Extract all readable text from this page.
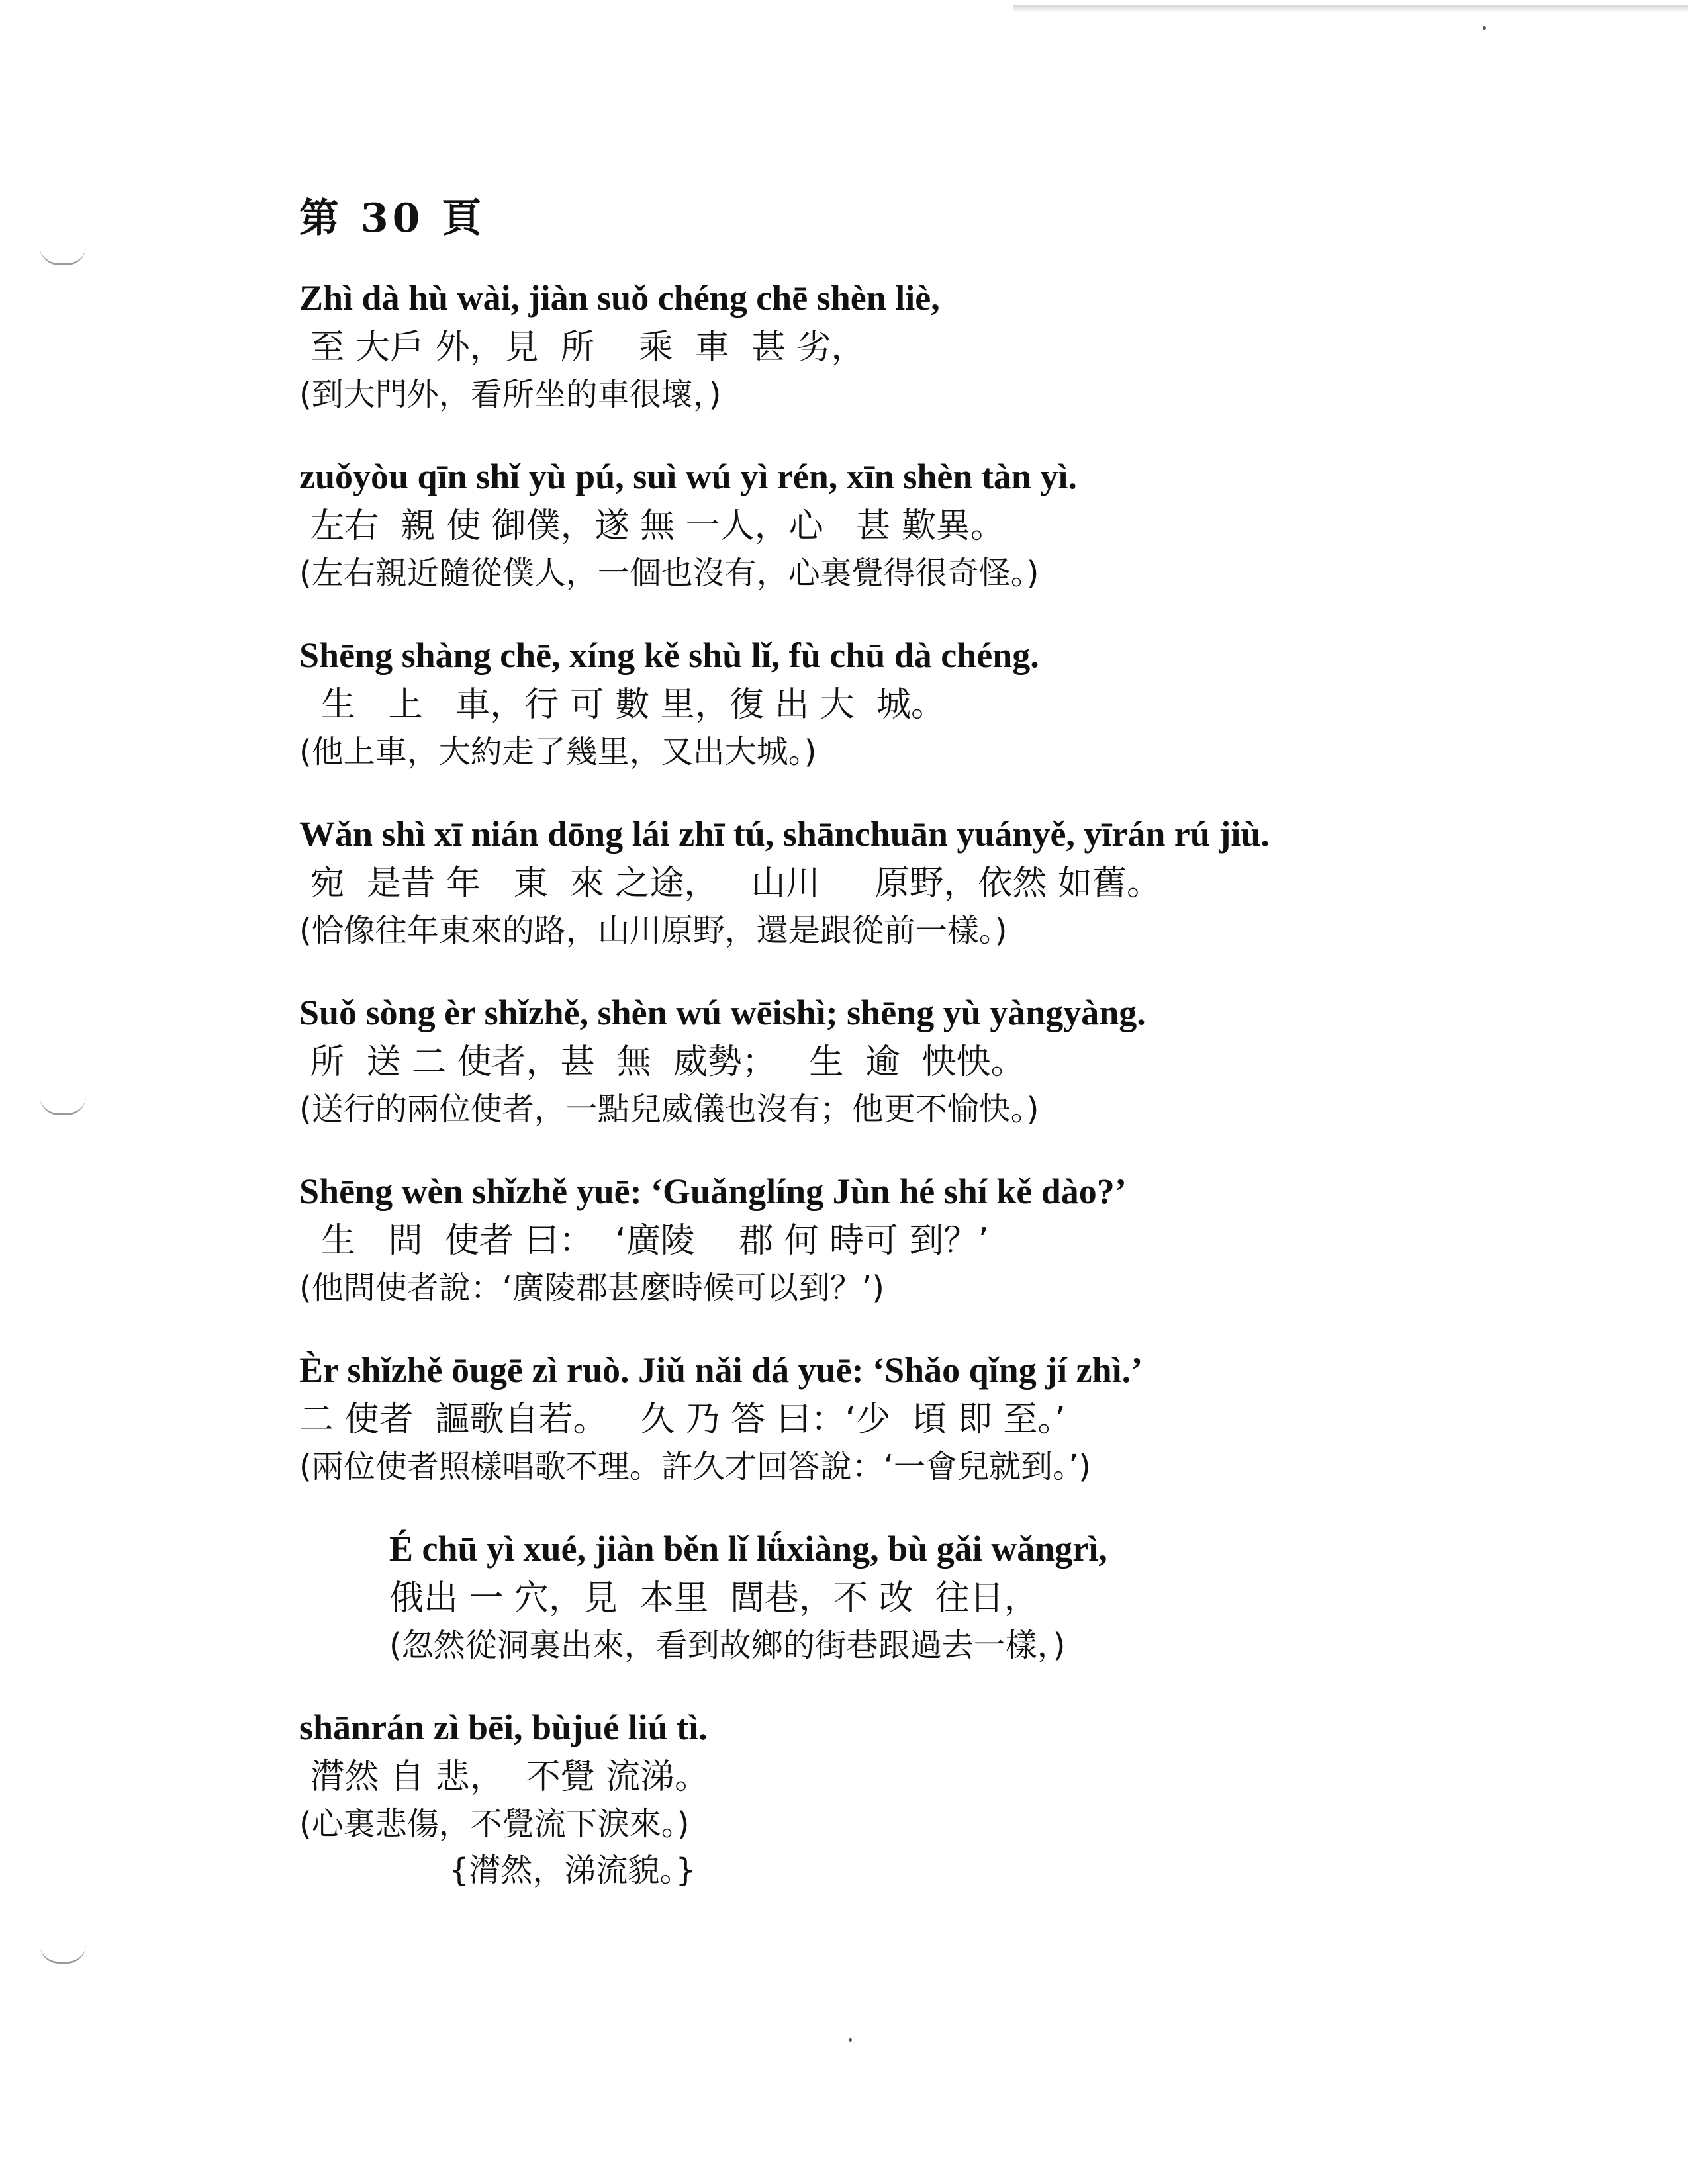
第 30 頁
Zhì dà hù wài, jiàn suǒ chéng chē shèn liè,
至 大戶 外，見  所    乘  車  甚 劣，
(到大門外，看所坐的車很壞，)
zuǒyòu qīn shǐ yù pú, suì wú yì rén, xīn shèn tàn yì.
左右  親 使 御僕，遂 無 一人，心   甚 歎異。
(左右親近隨從僕人，一個也沒有，心裏覺得很奇怪。)
Shēng shàng chē, xíng kě shù lǐ, fù chū dà chéng.
生   上   車，行 可 數 里，復 出 大  城。
(他上車，大約走了幾里，又出大城。)
Wǎn shì xī nián dōng lái zhī tú, shānchuān yuányě, yīrán rú jiù.
宛  是昔 年   東  來 之途，   山川     原野，依然 如舊。
(恰像往年東來的路，山川原野，還是跟從前一樣。)
Suǒ sòng èr shǐzhě, shèn wú wēishì; shēng yù yàngyàng.
所  送 二 使者，甚  無  威勢；   生  逾  怏怏。
(送行的兩位使者，一點兒威儀也沒有；他更不愉快。)
Shēng wèn shǐzhě yuē: ‘Guǎnglíng Jùn hé shí kě dào?’
生   問  使者 曰：  ‘廣陵    郡 何 時可 到？’
(他問使者說：‘廣陵郡甚麼時候可以到？’)
Èr shǐzhě ōugē zì ruò. Jiǔ nǎi dá yuē: ‘Shǎo qǐng jí zhì.’
二 使者  謳歌自若。   久 乃 答 曰：‘少  頃 即 至。’
(兩位使者照樣唱歌不理。許久才回答說：‘一會兒就到。’)
É chū yì xué, jiàn běn lǐ lǘxiàng, bù gǎi wǎngrì,
俄出 一 穴，見  本里  閭巷，不 改  往日，
(忽然從洞裏出來，看到故鄉的街巷跟過去一樣，)
shānrán zì bēi, bùjué liú tì.
潸然 自 悲，  不覺 流涕。
(心裏悲傷，不覺流下淚來。)
{潸然，涕流貌。}
